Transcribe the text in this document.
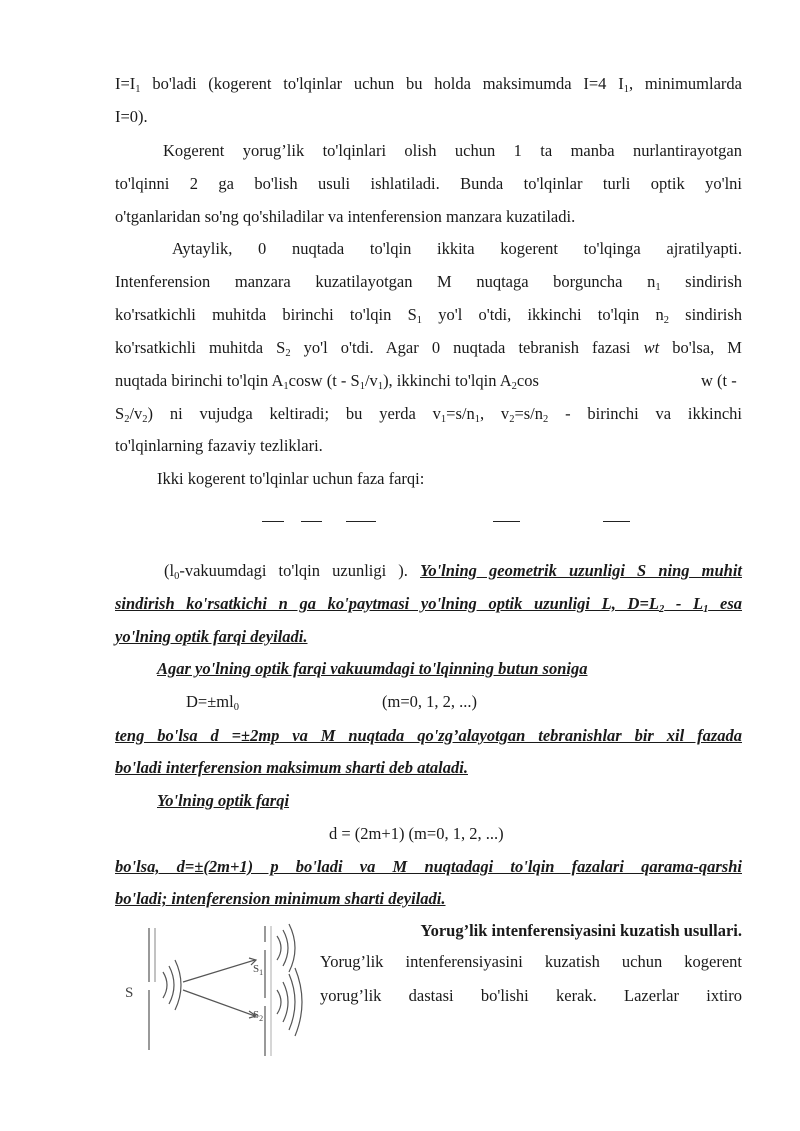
$I=I_1$ bo'ladi (kogerent to'lqinlar uchun bu holda maksimumda I=4 $I_1$, minimumlarda

I=0).

Kogerent yorug’lik to'lqinlari olish uchun 1 ta manba nurlantirayotgan

to'lqinni 2 ga bo'lish usuli ishlatiladi. Bunda to'lqinlar turli optik yo'lni

o'tganlaridan so'ng qo'shiladilar va intenferension manzara kuzatiladi.

Aytaylik, 0 nuqtada to'lqin ikkita kogerent to'lqinga ajratilyapti.

Intenferension manzara kuzatilayotgan M nuqtaga borguncha $n_1$ sindirish

ko'rsatkichli muhitda birinchi to'lqin $S_1$ yo'l o'tdi, ikkinchi to'lqin $n_2$ sindirish

ko'rsatkichli muhitda $S_2$ yo'l o'tdi. Agar 0 nuqtada tebranish fazasi wt bo'lsa, M

nuqtada birinchi to'lqin $A_1\cos w$ $(t - S_1/v_1)$, ikkinchi to'lqin $A_2\cos$	w (t -

$S_2/v_2$) ni vujudga keltiradi; bu yerda $v_1=s/n_1$, $v_2=s/n_2$ - birinchi va ikkinchi

to'lqinlarning fazaviy tezliklari.

Ikki kogerent to'lqinlar uchun faza farqi:

($l_0$-vakuumdagi to'lqin uzunligi ). Yo'lning geometrik uzunligi S ning muhit

sindirish ko'rsatkichi n ga ko'paytmasi yo'lning optik uzunligi L, $D=L_2 - L_1$ esa

yo'lning optik farqi deyiladi.

Agar yo'lning optik farqi vakuumdagi to'lqinning butun soniga

$D=\pm ml_0$	(m=0, 1, 2, ...)

teng bo'lsa d =±2mp va M nuqtada qo'zg’alayotgan tebranishlar bir xil fazada

bo'ladi interferension maksimum sharti deb ataladi.

Yo'lning optik farqi

d = (2m+1) (m=0, 1, 2, ...)

bo'lsa, d=±(2m+1) p bo'ladi va M nuqtadagi to'lqin fazalari qarama-qarshi

bo'ladi; intenferension minimum sharti deyiladi.

Yorug’lik intenferensiyasini kuzatish usullari.

Yorug’lik intenferensiyasini kuzatish uchun kogerent

yorug’lik dastasi bo'lishi kerak. Lazerlar ixtiro

S
$S_1$
$S_2$
